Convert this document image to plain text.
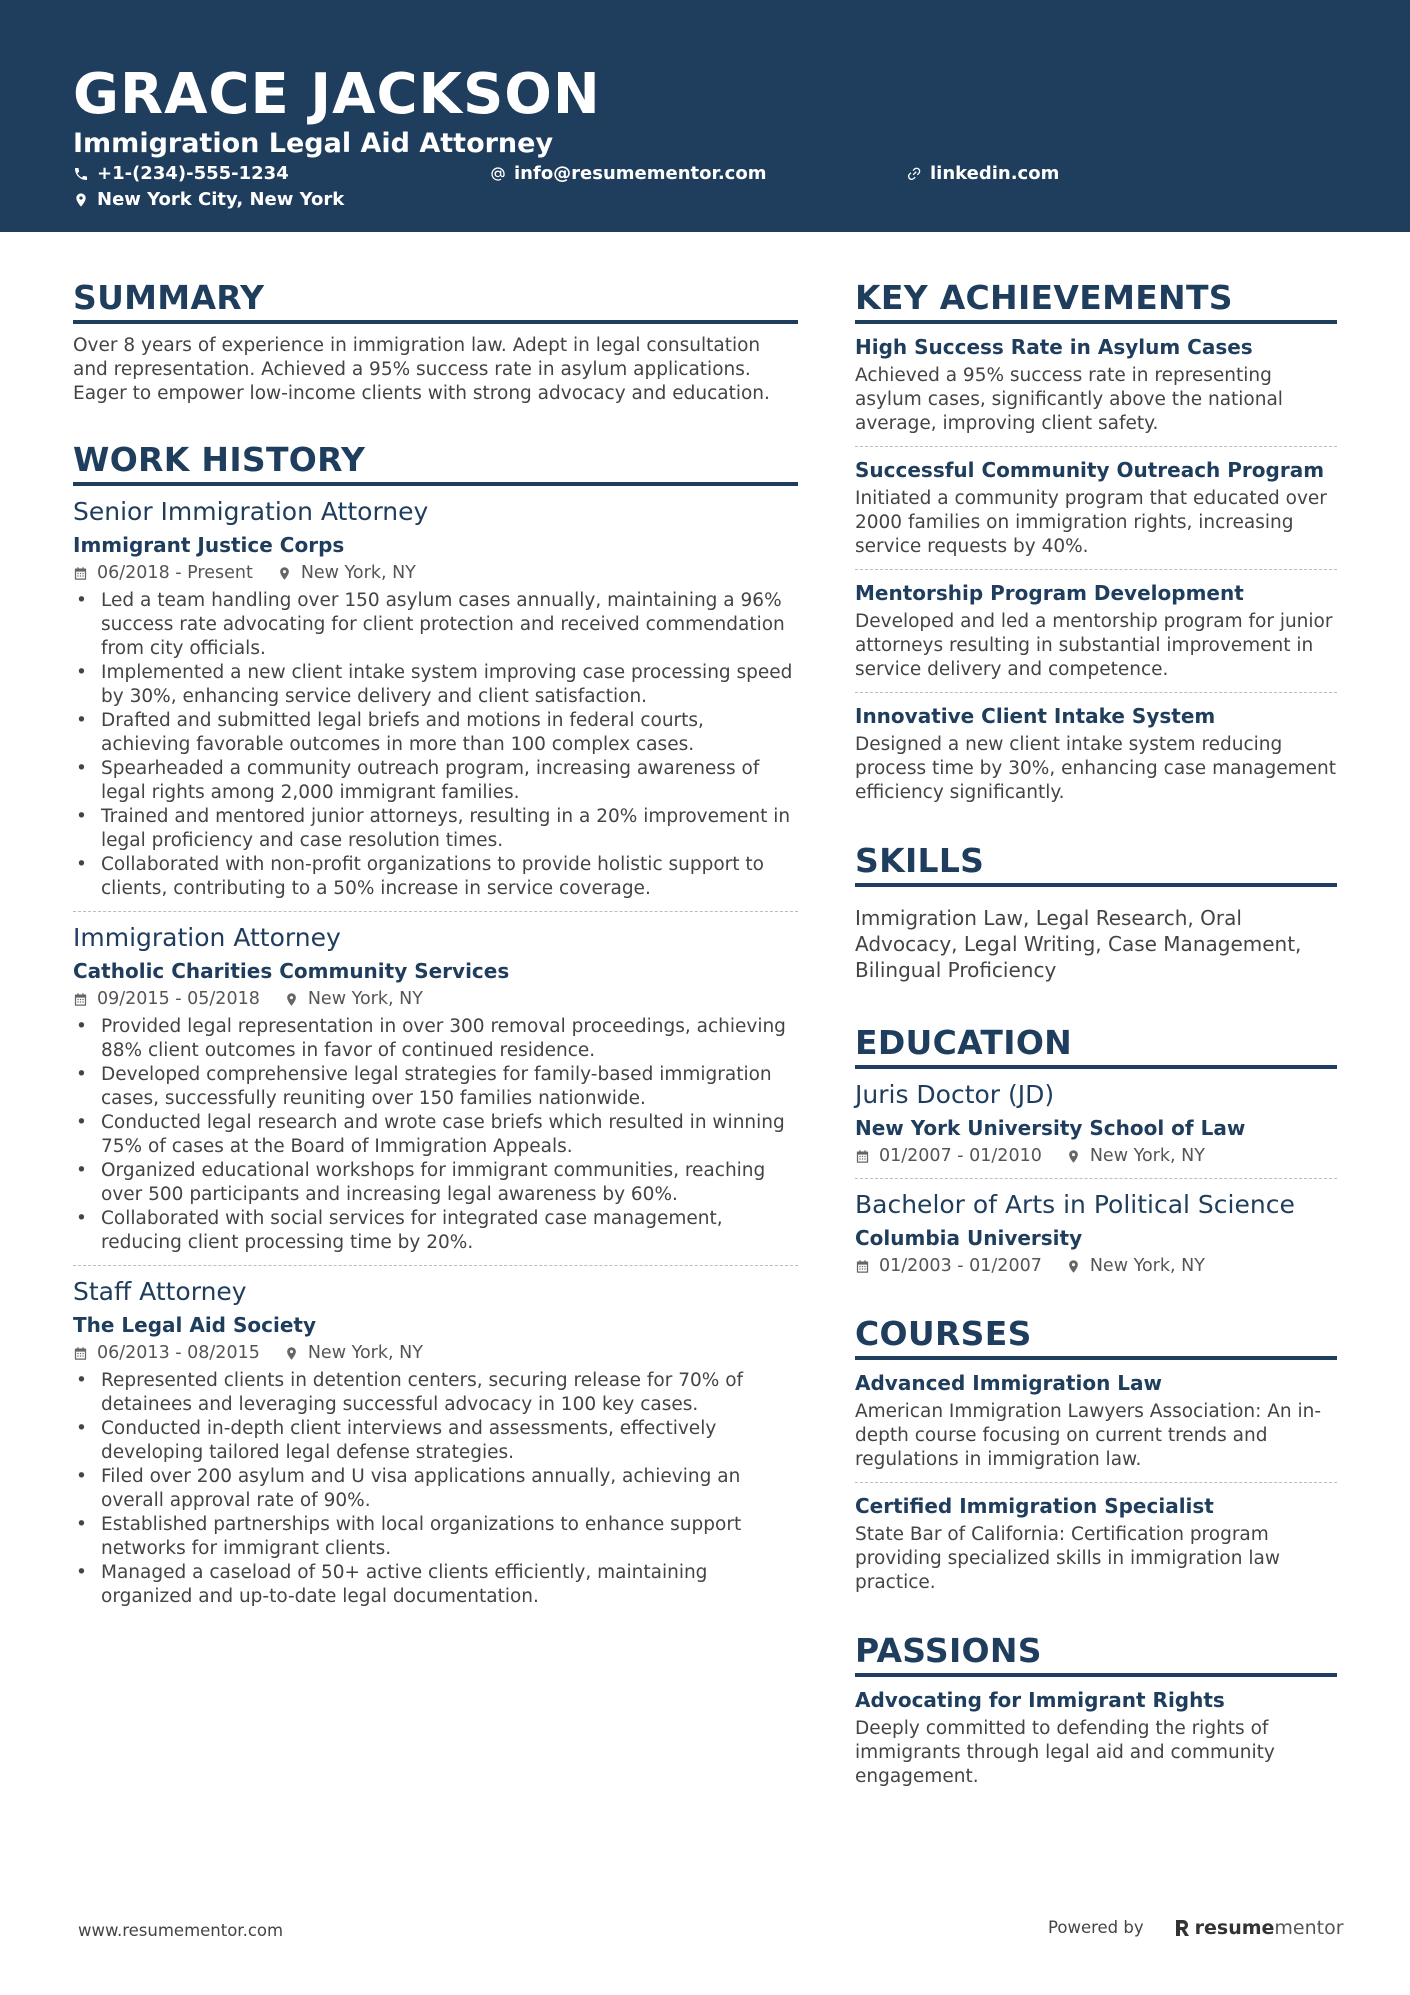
GRACE JACKSON
Immigration Legal Aid Attorney
+1-(234)-555-1234	info@resumementor.com	linkedin.com
New York City, New York
SUMMARY
Over 8 years of experience in immigration law. Adept in legal consultation and representation. Achieved a 95% success rate in asylum applications. Eager to empower low-income clients with strong advocacy and education.
WORK HISTORY
Senior Immigration Attorney
Immigrant Justice Corps
06/2018 - Present	New York, NY
• Led a team handling over 150 asylum cases annually, maintaining a 96% success rate advocating for client protection and received commendation from city officials.
• Implemented a new client intake system improving case processing speed by 30%, enhancing service delivery and client satisfaction.
• Drafted and submitted legal briefs and motions in federal courts, achieving favorable outcomes in more than 100 complex cases.
• Spearheaded a community outreach program, increasing awareness of legal rights among 2,000 immigrant families.
• Trained and mentored junior attorneys, resulting in a 20% improvement in legal proficiency and case resolution times.
• Collaborated with non-profit organizations to provide holistic support to clients, contributing to a 50% increase in service coverage.
Immigration Attorney
Catholic Charities Community Services
09/2015 - 05/2018	New York, NY
• Provided legal representation in over 300 removal proceedings, achieving 88% client outcomes in favor of continued residence.
• Developed comprehensive legal strategies for family-based immigration cases, successfully reuniting over 150 families nationwide.
• Conducted legal research and wrote case briefs which resulted in winning 75% of cases at the Board of Immigration Appeals.
• Organized educational workshops for immigrant communities, reaching over 500 participants and increasing legal awareness by 60%.
• Collaborated with social services for integrated case management, reducing client processing time by 20%.
Staff Attorney
The Legal Aid Society
06/2013 - 08/2015	New York, NY
• Represented clients in detention centers, securing release for 70% of detainees and leveraging successful advocacy in 100 key cases.
• Conducted in-depth client interviews and assessments, effectively developing tailored legal defense strategies.
• Filed over 200 asylum and U visa applications annually, achieving an overall approval rate of 90%.
• Established partnerships with local organizations to enhance support networks for immigrant clients.
• Managed a caseload of 50+ active clients efficiently, maintaining organized and up-to-date legal documentation.
KEY ACHIEVEMENTS
High Success Rate in Asylum Cases
Achieved a 95% success rate in representing asylum cases, significantly above the national average, improving client safety.
Successful Community Outreach Program
Initiated a community program that educated over 2000 families on immigration rights, increasing service requests by 40%.
Mentorship Program Development
Developed and led a mentorship program for junior attorneys resulting in substantial improvement in service delivery and competence.
Innovative Client Intake System
Designed a new client intake system reducing process time by 30%, enhancing case management efficiency significantly.
SKILLS
Immigration Law, Legal Research, Oral Advocacy, Legal Writing, Case Management, Bilingual Proficiency
EDUCATION
Juris Doctor (JD)
New York University School of Law
01/2007 - 01/2010	New York, NY
Bachelor of Arts in Political Science
Columbia University
01/2003 - 01/2007	New York, NY
COURSES
Advanced Immigration Law
American Immigration Lawyers Association: An in-depth course focusing on current trends and regulations in immigration law.
Certified Immigration Specialist
State Bar of California: Certification program providing specialized skills in immigration law practice.
PASSIONS
Advocating for Immigrant Rights
Deeply committed to defending the rights of immigrants through legal aid and community engagement.
www.resumementor.com	Powered by	resume mentor
